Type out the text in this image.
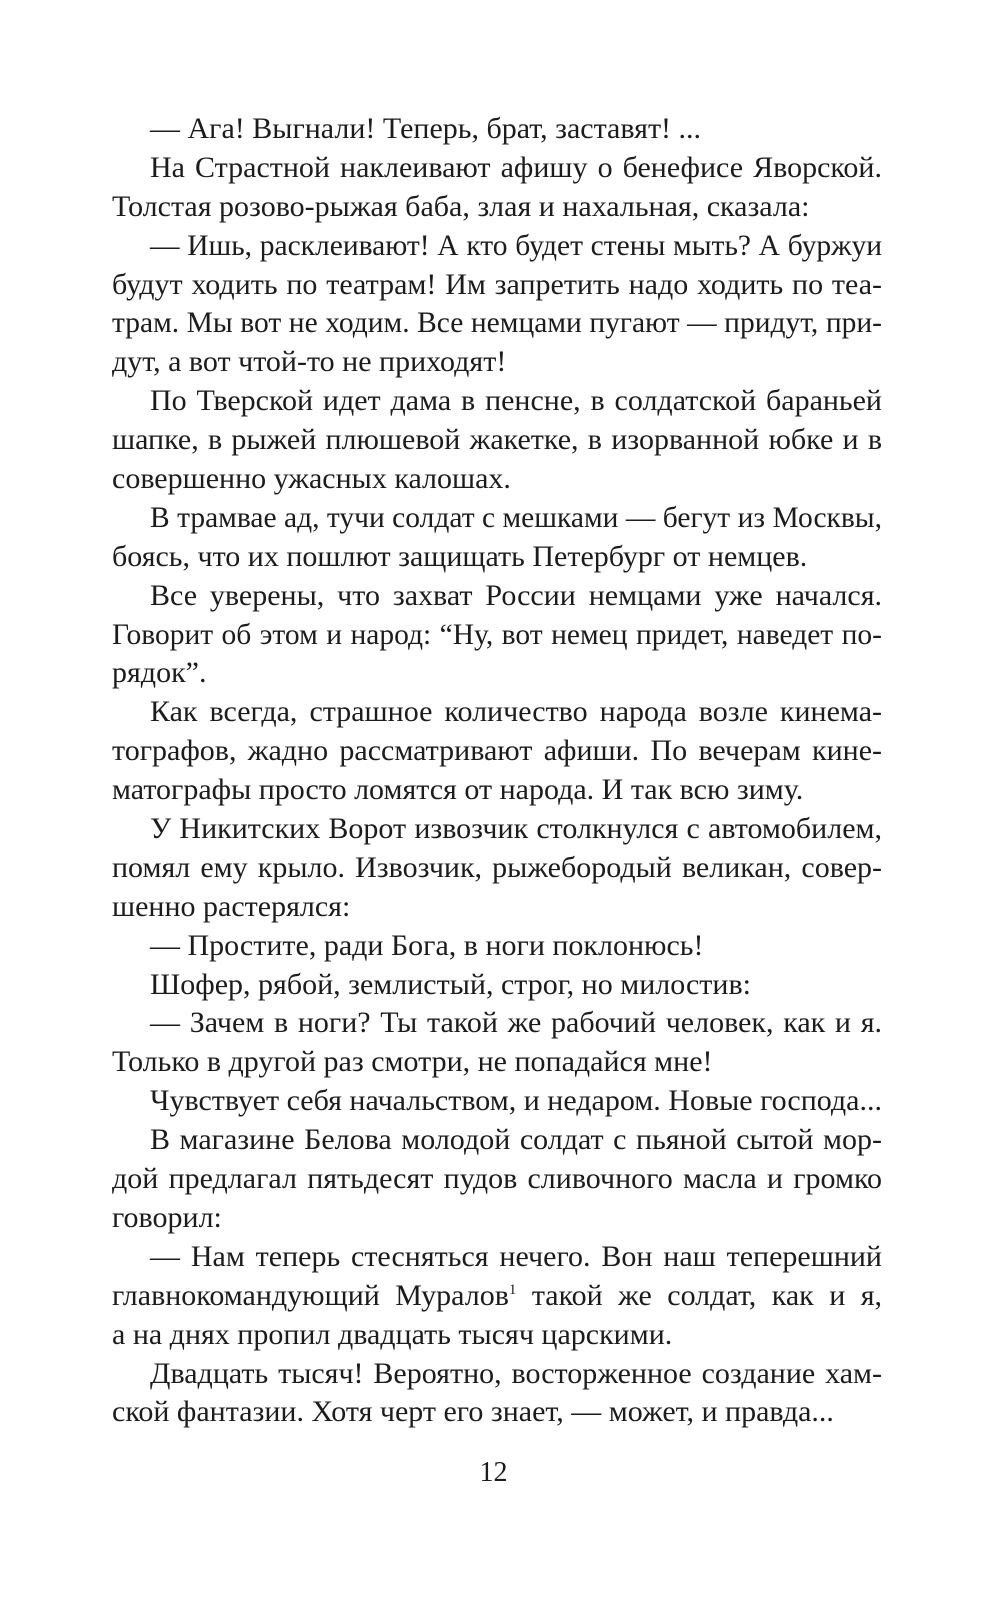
— Ага! Выгнали! Теперь, брат, заставят! ...
На Страстной наклеивают афишу о бенефисе Яворской.
Толстая розово-рыжая баба, злая и нахальная, сказала:
— Ишь, расклеивают! А кто будет стены мыть? А буржуи
будут ходить по театрам! Им запретить надо ходить по теа-
трам. Мы вот не ходим. Все немцами пугают — придут, при-
дут, а вот чтой-то не приходят!
По Тверской идет дама в пенсне, в солдатской бараньей
шапке, в рыжей плюшевой жакетке, в изорванной юбке и в
совершенно ужасных калошах.
В трамвае ад, тучи солдат с мешками — бегут из Москвы,
боясь, что их пошлют защищать Петербург от немцев.
Все уверены, что захват России немцами уже начался.
Говорит об этом и народ: “Ну, вот немец придет, наведет по-
рядок”.
Как всегда, страшное количество народа возле кинема-
тографов, жадно рассматривают афиши. По вечерам кине-
матографы просто ломятся от народа. И так всю зиму.
У Никитских Ворот извозчик столкнулся с автомобилем,
помял ему крыло. Извозчик, рыжебородый великан, совер-
шенно растерялся:
— Простите, ради Бога, в ноги поклонюсь!
Шофер, рябой, землистый, строг, но милостив:
— Зачем в ноги? Ты такой же рабочий человек, как и я.
Только в другой раз смотри, не попадайся мне!
Чувствует себя начальством, и недаром. Новые господа...
В магазине Белова молодой солдат с пьяной сытой мор-
дой предлагал пятьдесят пудов сливочного масла и громко
говорил:
— Нам теперь стесняться нечего. Вон наш теперешний
главнокомандующий Муралов$^1$ такой же солдат, как и я,
а на днях пропил двадцать тысяч царскими.
Двадцать тысяч! Вероятно, восторженное создание хам-
ской фантазии. Хотя черт его знает, — может, и правда...
12
